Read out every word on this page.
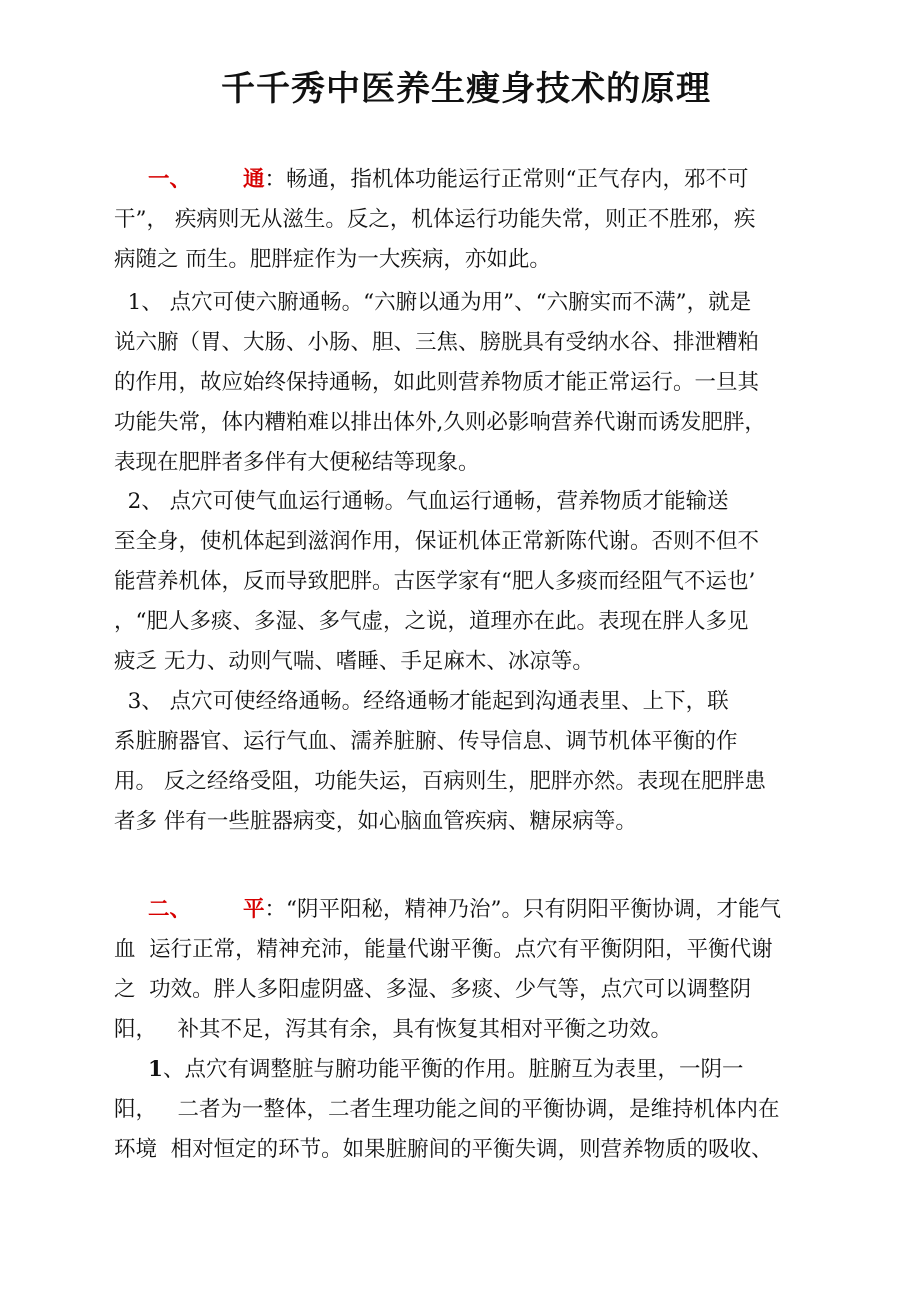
千千秀中医养生瘦身技术的原理
一、 通：畅通，指机体功能运行正常则“正气存内，邪不可
干”， 疾病则无从滋生。反之，机体运行功能失常，则正不胜邪，疾
病随之 而生。肥胖症作为一大疾病，亦如此。
1、 点穴可使六腑通畅。“六腑以通为用”、“六腑实而不满”，就是
说六腑（胃、大肠、小肠、胆、三焦、膀胱具有受纳水谷、排泄糟粕
的作用，故应始终保持通畅，如此则营养物质才能正常运行。一旦其
功能失常，体内糟粕难以排出体外,久则必影响营养代谢而诱发肥胖，
表现在肥胖者多伴有大便秘结等现象。
2、 点穴可使气血运行通畅。气血运行通畅，营养物质才能输送
至全身，使机体起到滋润作用，保证机体正常新陈代谢。否则不但不
能营养机体，反而导致肥胖。古医学家有“肥人多痰而经阻气不运也’
，“肥人多痰、多湿、多气虚，之说，道理亦在此。表现在胖人多见
疲乏 无力、动则气喘、嗜睡、手足麻木、冰凉等。
3、 点穴可使经络通畅。经络通畅才能起到沟通表里、上下，联
系脏腑器官、运行气血、濡养脏腑、传导信息、调节机体平衡的作
用。 反之经络受阻，功能失运，百病则生，肥胖亦然。表现在肥胖患
者多 伴有一些脏器病变，如心脑血管疾病、糖尿病等。
二、 平：“阴平阳秘，精神乃治”。只有阴阳平衡协调，才能气
血  运行正常，精神充沛，能量代谢平衡。点穴有平衡阴阳，平衡代谢
之  功效。胖人多阳虚阴盛、多湿、多痰、少气等，点穴可以调整阴
阳，   补其不足，泻其有余，具有恢复其相对平衡之功效。
1、点穴有调整脏与腑功能平衡的作用。脏腑互为表里，一阴一
阳，   二者为一整体，二者生理功能之间的平衡协调，是维持机体内在
环境  相对恒定的环节。如果脏腑间的平衡失调，则营养物质的吸收、
